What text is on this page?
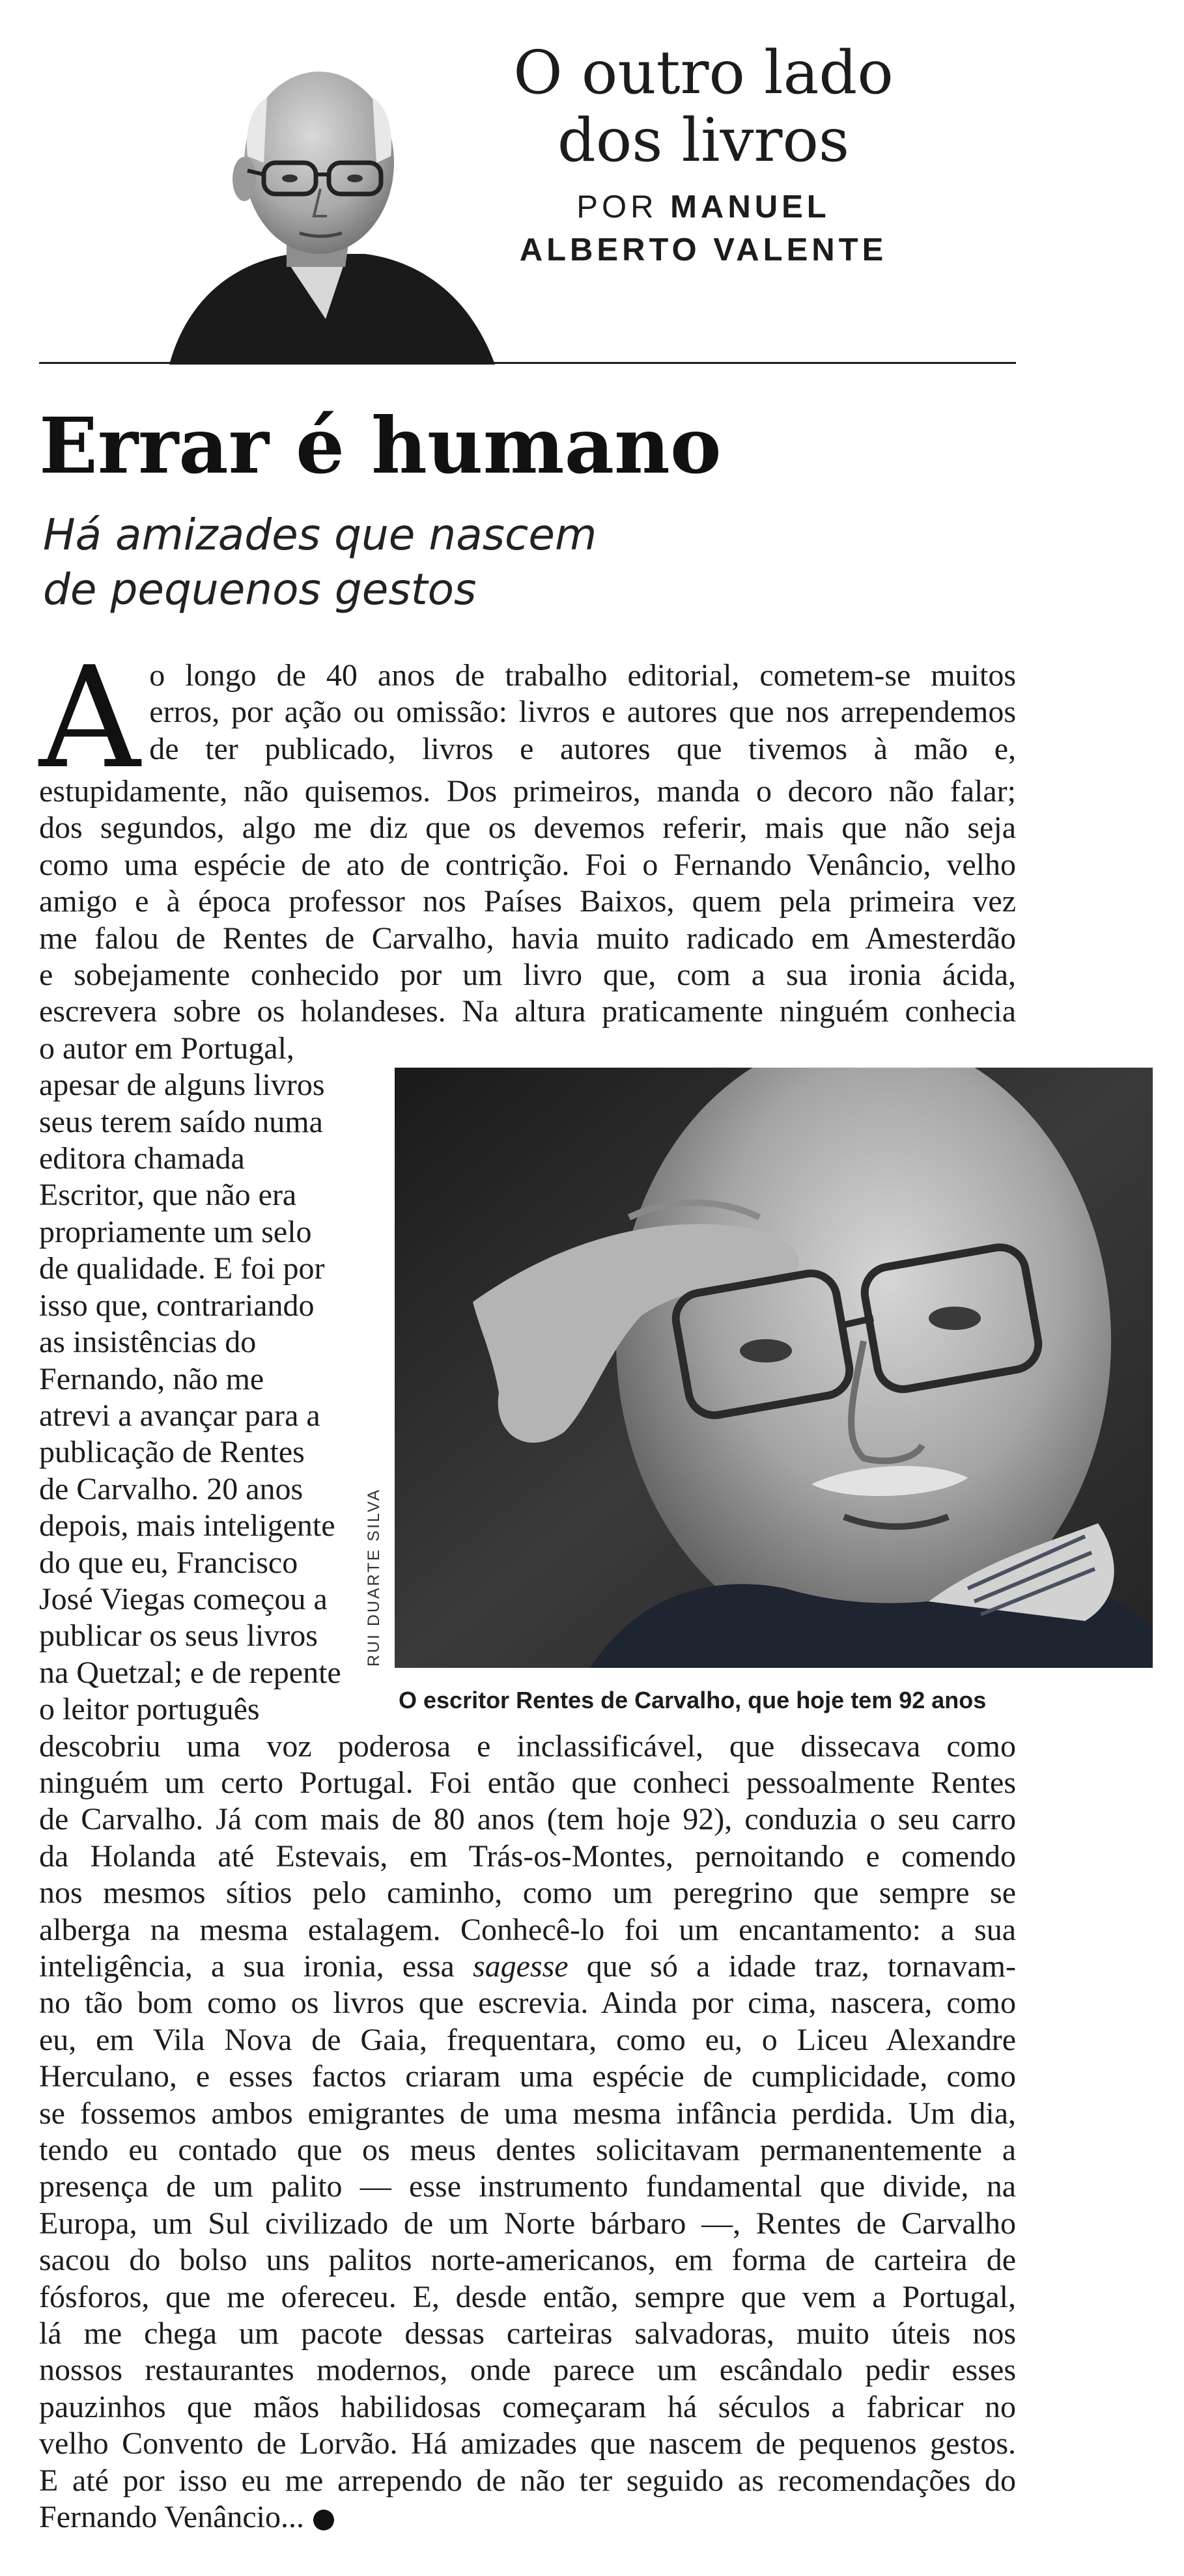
O outro lado
dos livros
POR MANUEL
ALBERTO VALENTE
Errar é humano
Há amizades que nascem
de pequenos gestos
A o longo de 40 anos de trabalho editorial, cometem-se muitos
erros, por ação ou omissão: livros e autores que nos arrependemos
de ter publicado, livros e autores que tivemos à mão e,
estupidamente, não quisemos. Dos primeiros, manda o decoro não falar;
dos segundos, algo me diz que os devemos referir, mais que não seja
como uma espécie de ato de contrição. Foi o Fernando Venâncio, velho
amigo e à época professor nos Países Baixos, quem pela primeira vez
me falou de Rentes de Carvalho, havia muito radicado em Amesterdão
e sobejamente conhecido por um livro que, com a sua ironia ácida,
escrevera sobre os holandeses. Na altura praticamente ninguém conhecia
o autor em Portugal,
apesar de alguns livros
seus terem saído numa
editora chamada
Escritor, que não era
propriamente um selo
de qualidade. E foi por
isso que, contrariando
as insistências do
Fernando, não me
atrevi a avançar para a
publicação de Rentes
de Carvalho. 20 anos
depois, mais inteligente
do que eu, Francisco
José Viegas começou a
publicar os seus livros
na Quetzal; e de repente
o leitor português
descobriu uma voz poderosa e inclassificável, que dissecava como
ninguém um certo Portugal. Foi então que conheci pessoalmente Rentes
de Carvalho. Já com mais de 80 anos (tem hoje 92), conduzia o seu carro
da Holanda até Estevais, em Trás-os-Montes, pernoitando e comendo
nos mesmos sítios pelo caminho, como um peregrino que sempre se
alberga na mesma estalagem. Conhecê-lo foi um encantamento: a sua
inteligência, a sua ironia, essa sagesse que só a idade traz, tornavam-
no tão bom como os livros que escrevia. Ainda por cima, nascera, como
eu, em Vila Nova de Gaia, frequentara, como eu, o Liceu Alexandre
Herculano, e esses factos criaram uma espécie de cumplicidade, como
se fossemos ambos emigrantes de uma mesma infância perdida. Um dia,
tendo eu contado que os meus dentes solicitavam permanentemente a
presença de um palito — esse instrumento fundamental que divide, na
Europa, um Sul civilizado de um Norte bárbaro —, Rentes de Carvalho
sacou do bolso uns palitos norte-americanos, em forma de carteira de
fósforos, que me ofereceu. E, desde então, sempre que vem a Portugal,
lá me chega um pacote dessas carteiras salvadoras, muito úteis nos
nossos restaurantes modernos, onde parece um escândalo pedir esses
pauzinhos que mãos habilidosas começaram há séculos a fabricar no
velho Convento de Lorvão. Há amizades que nascem de pequenos gestos.
E até por isso eu me arrependo de não ter seguido as recomendações do
Fernando Venâncio...
RUI DUARTE SILVA
O escritor Rentes de Carvalho, que hoje tem 92 anos
